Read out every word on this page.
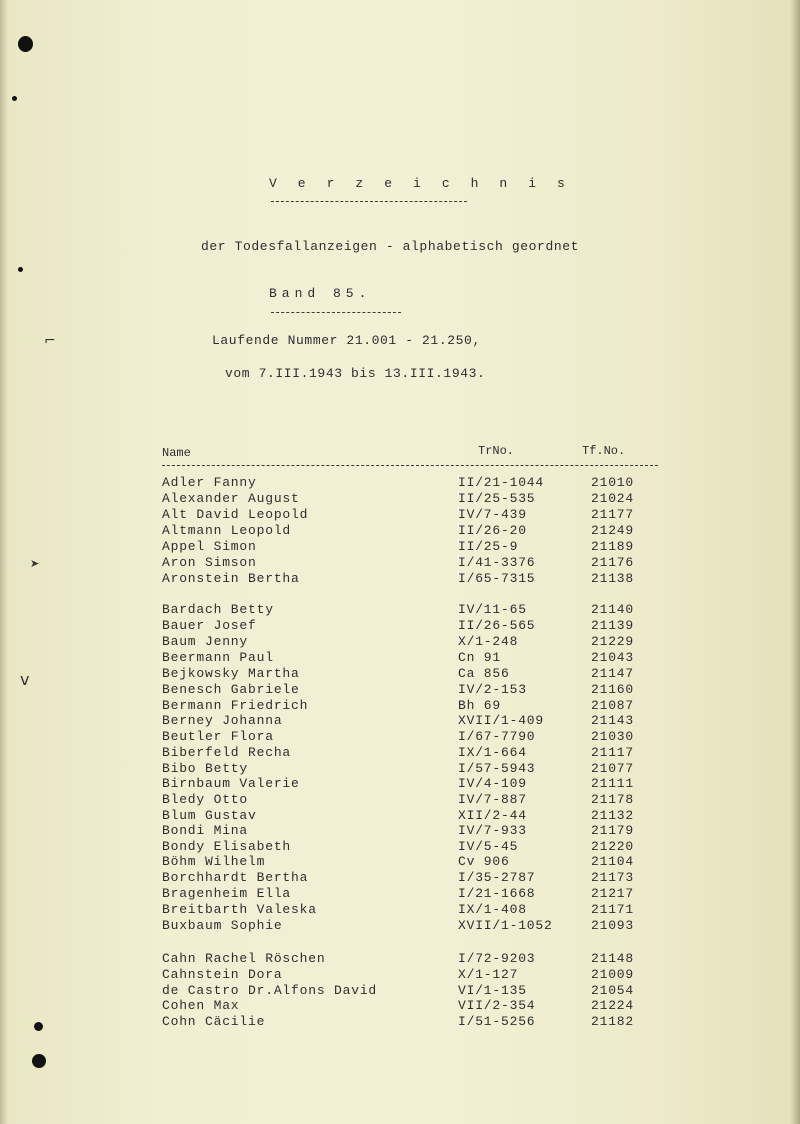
⌐
➤
v
V e r z e i c h n i s
der Todesfallanzeigen - alphabetisch geordnet
Band 85.
Laufende Nummer 21.001 - 21.250,
vom 7.III.1943 bis 13.III.1943.
Name	TrNo.	Tf.No.
Adler Fanny	II/21-1044	21010
Alexander August	II/25-535	21024
Alt David Leopold	IV/7-439	21177
Altmann Leopold	II/26-20	21249
Appel Simon	II/25-9	21189
Aron Simson	I/41-3376	21176
Aronstein Bertha	I/65-7315	21138
Bardach Betty	IV/11-65	21140
Bauer Josef	II/26-565	21139
Baum Jenny	X/1-248	21229
Beermann Paul	Cn 91	21043
Bejkowsky Martha	Ca 856	21147
Benesch Gabriele	IV/2-153	21160
Bermann Friedrich	Bh 69	21087
Berney Johanna	XVII/1-409	21143
Beutler Flora	I/67-7790	21030
Biberfeld Recha	IX/1-664	21117
Bibo Betty	I/57-5943	21077
Birnbaum Valerie	IV/4-109	21111
Bledy Otto	IV/7-887	21178
Blum Gustav	XII/2-44	21132
Bondi Mina	IV/7-933	21179
Bondy Elisabeth	IV/5-45	21220
Böhm Wilhelm	Cv 906	21104
Borchhardt Bertha	I/35-2787	21173
Bragenheim Ella	I/21-1668	21217
Breitbarth Valeska	IX/1-408	21171
Buxbaum Sophie	XVII/1-1052	21093
Cahn Rachel Röschen	I/72-9203	21148
Cahnstein Dora	X/1-127	21009
de Castro Dr.Alfons David	VI/1-135	21054
Cohen Max	VII/2-354	21224
Cohn Cäcilie	I/51-5256	21182
